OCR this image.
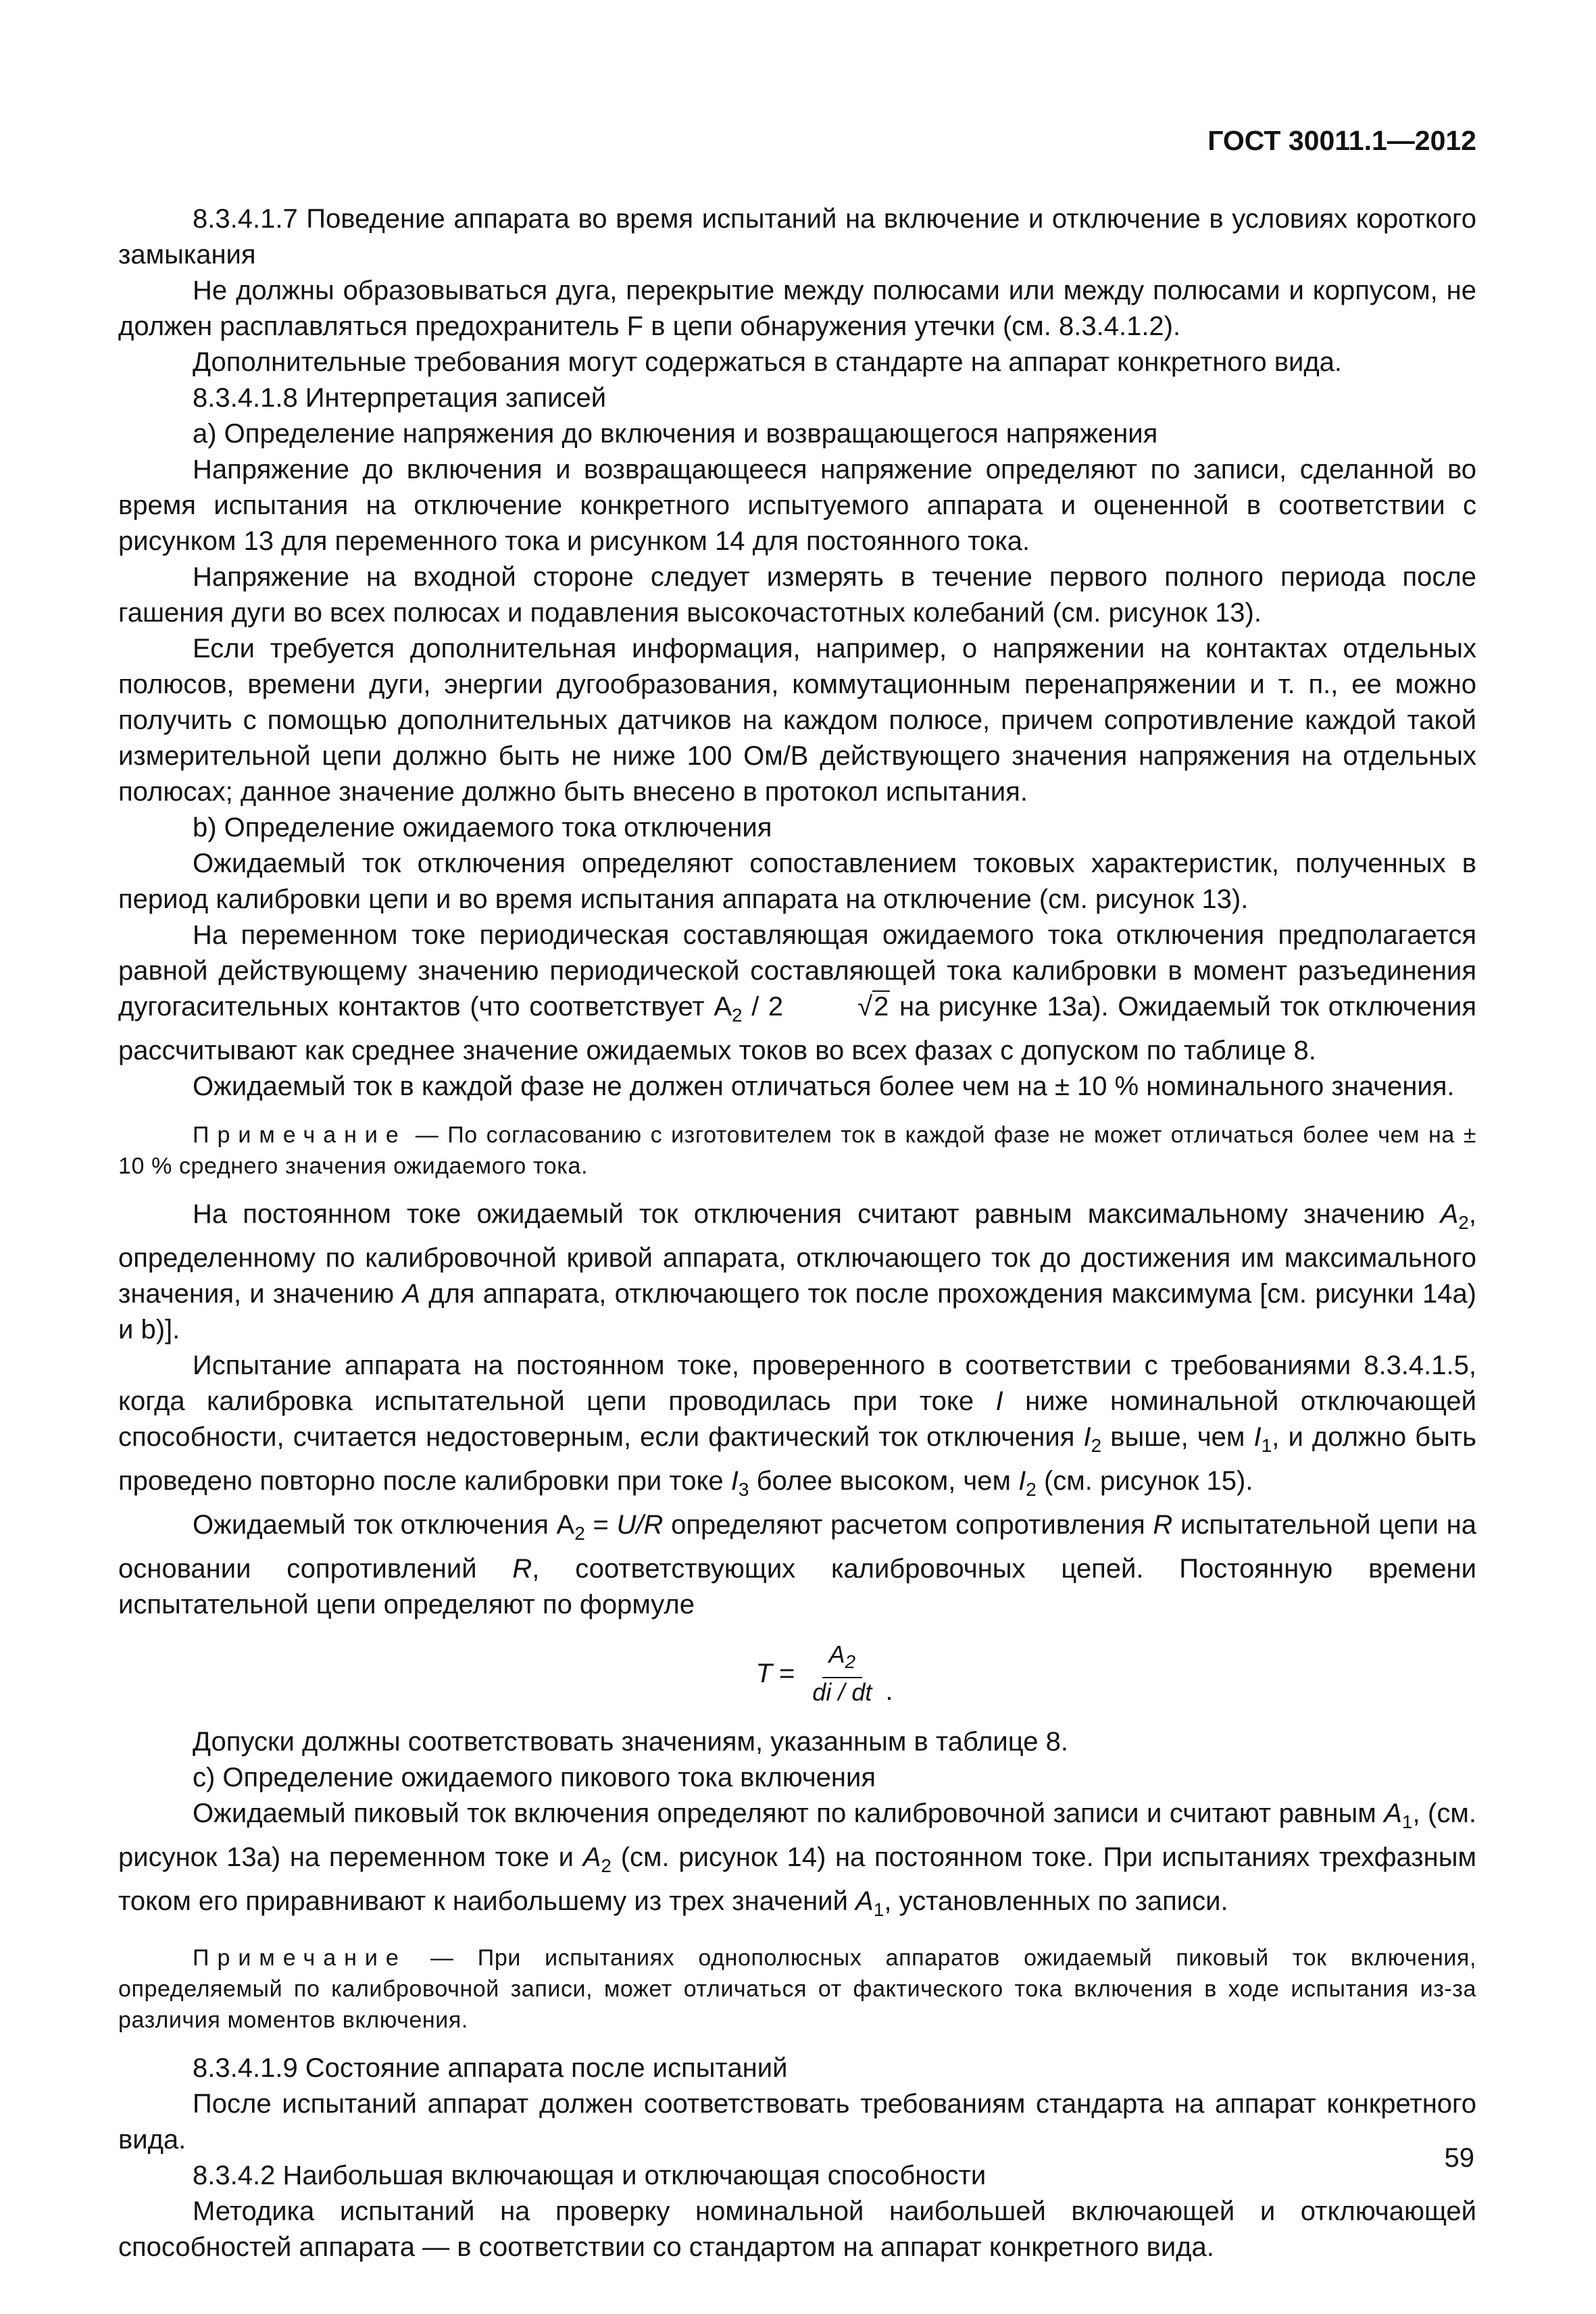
ГОСТ 30011.1—2012

8.3.4.1.7 Поведение аппарата во время испытаний на включение и отключение в условиях короткого замыкания

Не должны образовываться дуга, перекрытие между полюсами или между полюсами и корпусом, не должен расплавляться предохранитель F в цепи обнаружения утечки (см. 8.3.4.1.2).

Дополнительные требования могут содержаться в стандарте на аппарат конкретного вида.

8.3.4.1.8 Интерпретация записей

а) Определение напряжения до включения и возвращающегося напряжения

Напряжение до включения и возвращающееся напряжение определяют по записи, сделанной во время испытания на отключение конкретного испытуемого аппарата и оцененной в соответствии с рисунком 13 для переменного тока и рисунком 14 для постоянного тока.

Напряжение на входной стороне следует измерять в течение первого полного периода после гашения дуги во всех полюсах и подавления высокочастотных колебаний (см. рисунок 13).

Если требуется дополнительная информация, например, о напряжении на контактах отдельных полюсов, времени дуги, энергии дугообразования, коммутационным перенапряжении и т. п., ее можно получить с помощью дополнительных датчиков на каждом полюсе, причем сопротивление каждой такой измерительной цепи должно быть не ниже 100 Ом/В действующего значения напряжения на отдельных полюсах; данное значение должно быть внесено в протокол испытания.

b) Определение ожидаемого тока отключения

Ожидаемый ток отключения определяют сопоставлением токовых характеристик, полученных в период калибровки цепи и во время испытания аппарата на отключение (см. рисунок 13).

На переменном токе периодическая составляющая ожидаемого тока отключения предполагается равной действующему значению периодической составляющей тока калибровки в момент разъединения дугогасительных контактов (что соответствует $А_2 / 2$	√2 на рисунке 13а). Ожидаемый ток отключения рассчитывают как среднее значение ожидаемых токов во всех фазах с допуском по таблице 8.

Ожидаемый ток в каждой фазе не должен отличаться более чем на ± 10 % номинального значения.

Примечание — По согласованию с изготовителем ток в каждой фазе не может отличаться более чем на ± 10 % среднего значения ожидаемого тока.

На постоянном токе ожидаемый ток отключения считают равным максимальному значению $A_2$, определенному по калибровочной кривой аппарата, отключающего ток до достижения им максимального значения, и значению A для аппарата, отключающего ток после прохождения максимума [см. рисунки 14а) и b)].

Испытание аппарата на постоянном токе, проверенного в соответствии с требованиями 8.3.4.1.5, когда калибровка испытательной цепи проводилась при токе I ниже номинальной отключающей способности, считается недостоверным, если фактический ток отключения $I_2$ выше, чем $I_1$, и должно быть проведено повторно после калибровки при токе $I_3$ более высоком, чем $I_2$ (см. рисунок 15).

Ожидаемый ток отключения $А_2 = U/R$ определяют расчетом сопротивления R испытательной цепи на основании сопротивлений R, соответствующих калибровочных цепей. Постоянную времени испытательной цепи определяют по формуле

$T = \frac{A_2}{di / dt}$ .

Допуски должны соответствовать значениям, указанным в таблице 8.

с) Определение ожидаемого пикового тока включения

Ожидаемый пиковый ток включения определяют по калибровочной записи и считают равным $A_1$, (см. рисунок 13а) на переменном токе и $A_2$ (см. рисунок 14) на постоянном токе. При испытаниях трехфазным током его приравнивают к наибольшему из трех значений $A_1$, установленных по записи.

Примечание — При испытаниях однополюсных аппаратов ожидаемый пиковый ток включения, определяемый по калибровочной записи, может отличаться от фактического тока включения в ходе испытания из-за различия моментов включения.

8.3.4.1.9 Состояние аппарата после испытаний

После испытаний аппарат должен соответствовать требованиям стандарта на аппарат конкретного вида.

8.3.4.2 Наибольшая включающая и отключающая способности

Методика испытаний на проверку номинальной наибольшей включающей и отключающей способностей аппарата — в соответствии со стандартом на аппарат конкретного вида.

59
